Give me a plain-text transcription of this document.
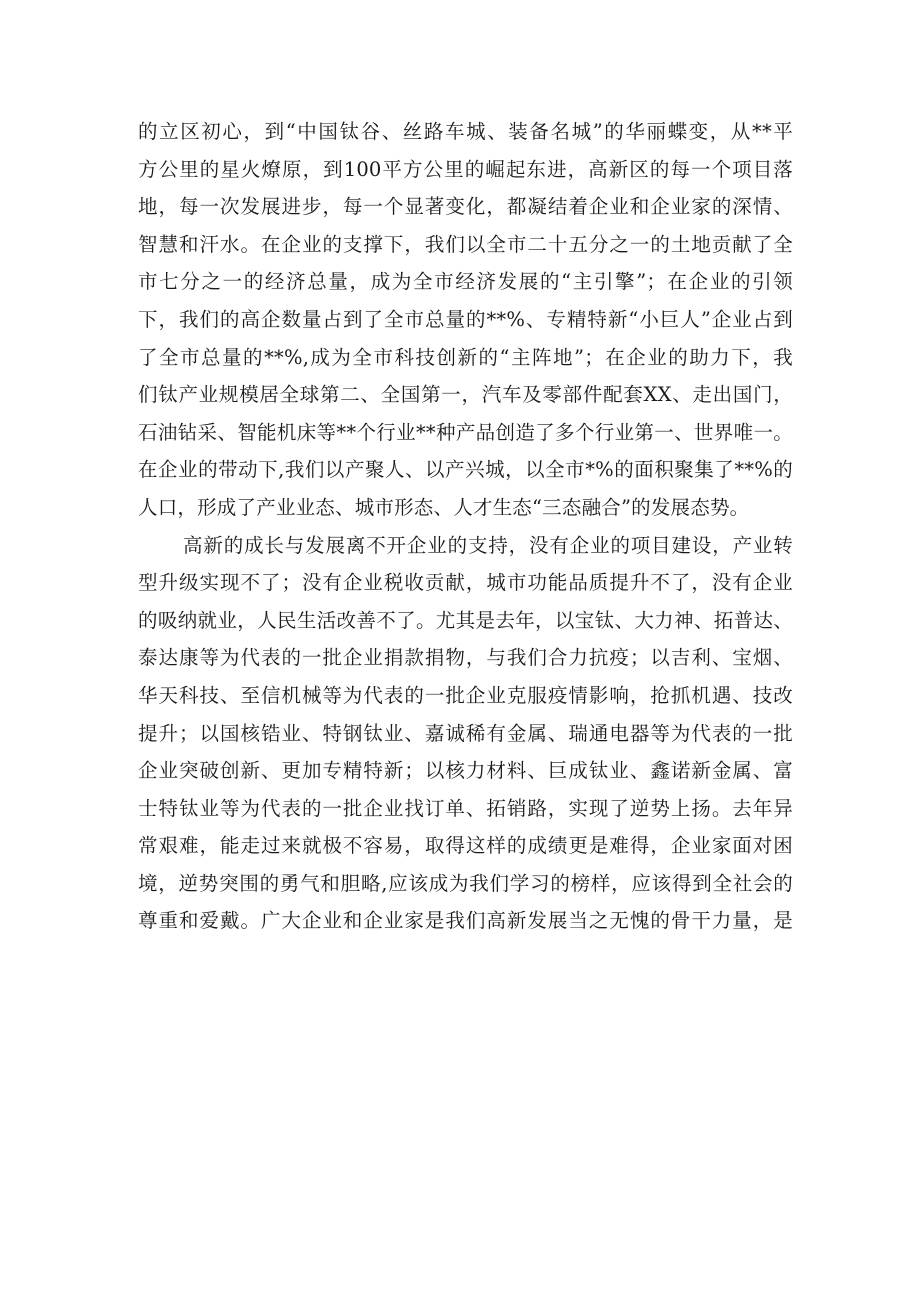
的立区初心，到“中国钛谷、丝路车城、装备名城”的华丽蝶变，从**平
方公里的星火燎原，到100平方公里的崛起东进，高新区的每一个项目落
地，每一次发展进步，每一个显著变化，都凝结着企业和企业家的深情、
智慧和汗水。在企业的支撑下，我们以全市二十五分之一的土地贡献了全
市七分之一的经济总量，成为全市经济发展的“主引擎”；在企业的引领
下，我们的高企数量占到了全市总量的**%、专精特新“小巨人”企业占到
了全市总量的**%,成为全市科技创新的“主阵地”；在企业的助力下，我
们钛产业规模居全球第二、全国第一，汽车及零部件配套XX、走出国门，
石油钻采、智能机床等**个行业**种产品创造了多个行业第一、世界唯一。
在企业的带动下,我们以产聚人、以产兴城，以全市*%的面积聚集了**%的
人口，形成了产业业态、城市形态、人才生态“三态融合”的发展态势。
高新的成长与发展离不开企业的支持，没有企业的项目建设，产业转
型升级实现不了；没有企业税收贡献，城市功能品质提升不了，没有企业
的吸纳就业，人民生活改善不了。尤其是去年，以宝钛、大力神、拓普达、
泰达康等为代表的一批企业捐款捐物，与我们合力抗疫；以吉利、宝烟、
华天科技、至信机械等为代表的一批企业克服疫情影响，抢抓机遇、技改
提升；以国核锆业、特钢钛业、嘉诚稀有金属、瑞通电器等为代表的一批
企业突破创新、更加专精特新；以核力材料、巨成钛业、鑫诺新金属、富
士特钛业等为代表的一批企业找订单、拓销路，实现了逆势上扬。去年异
常艰难，能走过来就极不容易，取得这样的成绩更是难得，企业家面对困
境，逆势突围的勇气和胆略,应该成为我们学习的榜样，应该得到全社会的
尊重和爱戴。广大企业和企业家是我们高新发展当之无愧的骨干力量，是
